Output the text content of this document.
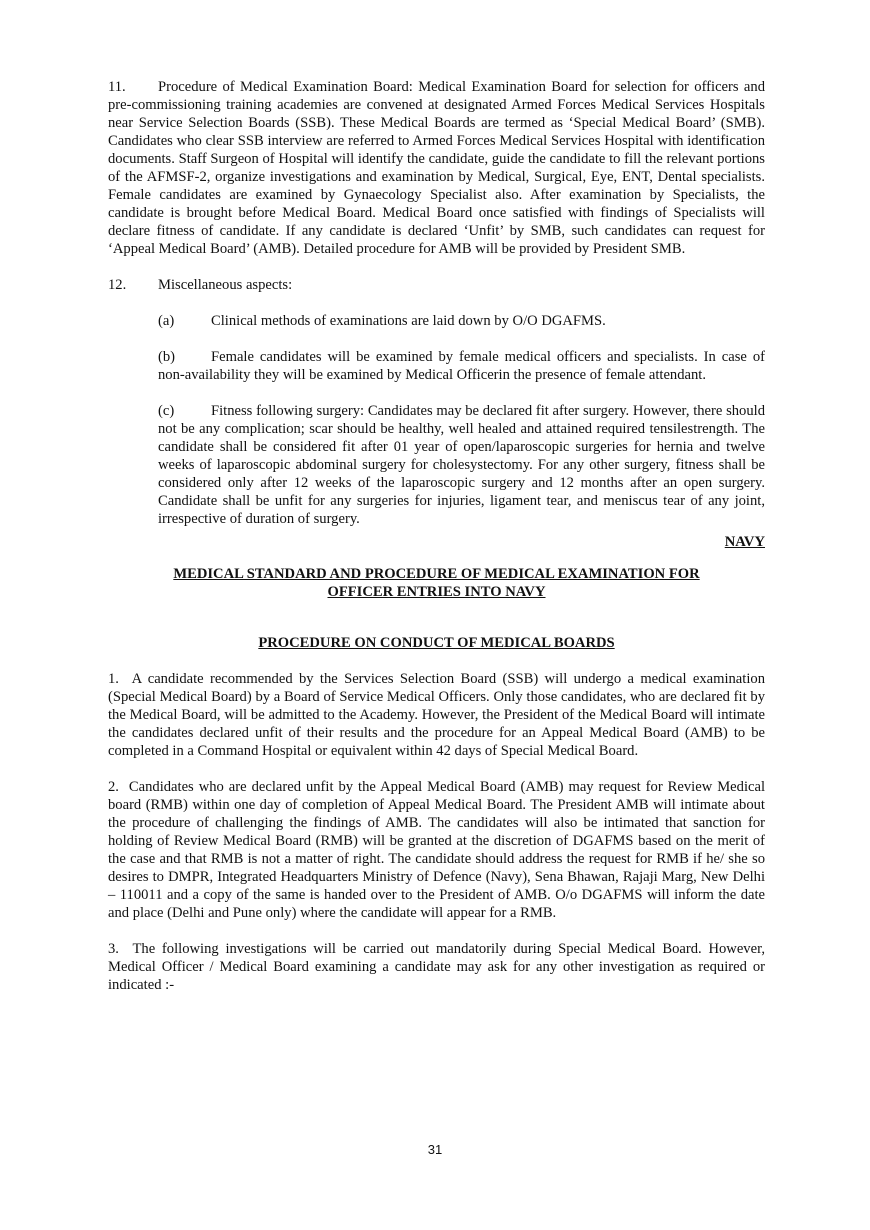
11. Procedure of Medical Examination Board: Medical Examination Board for selection for officers and pre-commissioning training academies are convened at designated Armed Forces Medical Services Hospitals near Service Selection Boards (SSB). These Medical Boards are termed as ‘Special Medical Board’ (SMB). Candidates who clear SSB interview are referred to Armed Forces Medical Services Hospital with identification documents. Staff Surgeon of Hospital will identify the candidate, guide the candidate to fill the relevant portions of the AFMSF-2, organize investigations and examination by Medical, Surgical, Eye, ENT, Dental specialists. Female candidates are examined by Gynaecology Specialist also. After examination by Specialists, the candidate is brought before Medical Board. Medical Board once satisfied with findings of Specialists will declare fitness of candidate. If any candidate is declared ‘Unfit’ by SMB, such candidates can request for ‘Appeal Medical Board’ (AMB). Detailed procedure for AMB will be provided by President SMB.

12. Miscellaneous aspects:

(a)	Clinical methods of examinations are laid down by O/O DGAFMS.

(b) Female candidates will be examined by female medical officers and specialists. In case of non-availability they will be examined by Medical Officerin the presence of female attendant.

(c)	Fitness following surgery: Candidates may be declared fit after surgery. However, there should not be any complication; scar should be healthy, well healed and attained required tensilestrength. The candidate shall be considered fit after 01 year of open/laparoscopic surgeries for hernia and twelve weeks of laparoscopic abdominal surgery for cholesystectomy. For any other surgery, fitness shall be considered only after 12 weeks of the laparoscopic surgery and 12 months after an open surgery. Candidate shall be unfit for any surgeries for injuries, ligament tear, and meniscus tear of any joint, irrespective of duration of surgery.

NAVY
MEDICAL STANDARD AND PROCEDURE OF MEDICAL EXAMINATION FOR
OFFICER ENTRIES INTO NAVY
PROCEDURE ON CONDUCT OF MEDICAL BOARDS

1. A candidate recommended by the Services Selection Board (SSB) will undergo a medical examination (Special Medical Board) by a Board of Service Medical Officers. Only those candidates, who are declared fit by the Medical Board, will be admitted to the Academy. However, the President of the Medical Board will intimate the candidates declared unfit of their results and the procedure for an Appeal Medical Board (AMB) to be completed in a Command Hospital or equivalent within 42 days of Special Medical Board.

2. Candidates who are declared unfit by the Appeal Medical Board (AMB) may request for Review Medical board (RMB) within one day of completion of Appeal Medical Board. The President AMB will intimate about the procedure of challenging the findings of AMB. The candidates will also be intimated that sanction for holding of Review Medical Board (RMB) will be granted at the discretion of DGAFMS based on the merit of the case and that RMB is not a matter of right. The candidate should address the request for RMB if he/ she so desires to DMPR, Integrated Headquarters Ministry of Defence (Navy), Sena Bhawan, Rajaji Marg, New Delhi – 110011 and a copy of the same is handed over to the President of AMB. O/o DGAFMS will inform the date and place (Delhi and Pune only) where the candidate will appear for a RMB.

3. The following investigations will be carried out mandatorily during Special Medical Board. However, Medical Officer / Medical Board examining a candidate may ask for any other investigation as required or indicated :-

31
